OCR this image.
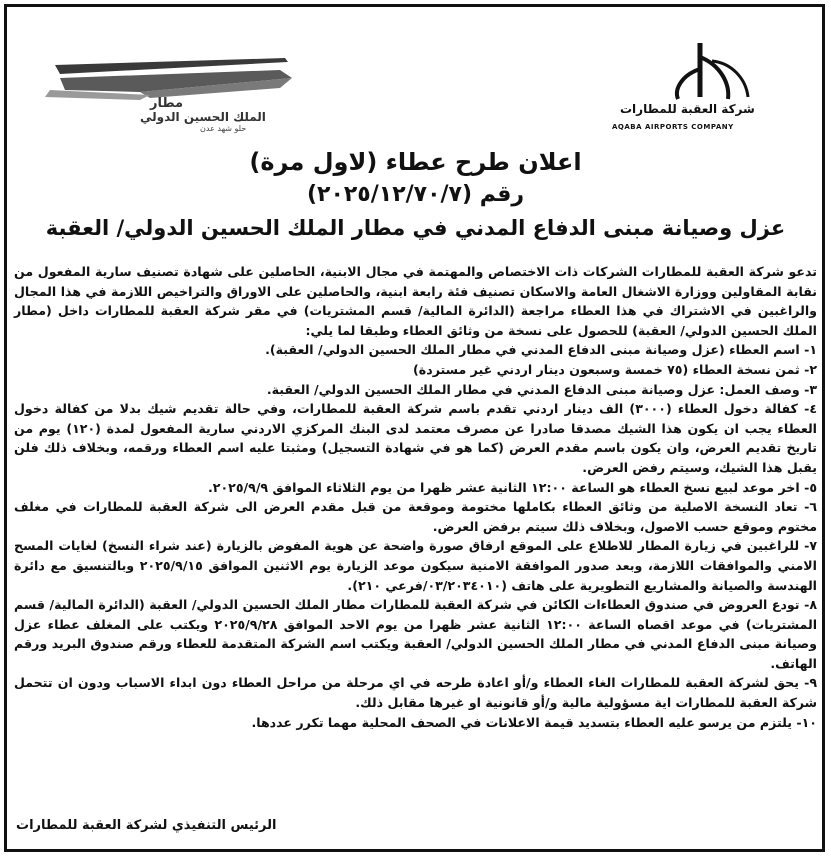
مطار
الملك الحسين الدولي
حلو شهد عدن
شركة العقبة للمطارات
AQABA AIRPORTS COMPANY
اعلان طرح عطاء (لاول مرة)
رقم (٢٠٢٥/١٢/٧٠/٧)
عزل وصيانة مبنى الدفاع المدني في مطار الملك الحسين الدولي/ العقبة

تدعو شركة العقبة للمطارات الشركات ذات الاختصاص والمهتمة في مجال الابنية، الحاصلين على شهادة تصنيف سارية المفعول من نقابة المقاولين ووزارة الاشغال العامة والاسكان تصنيف فئة رابعة ابنية، والحاصلين على الاوراق والتراخيص اللازمة في هذا المجال والراغبين في الاشتراك في هذا العطاء مراجعة (الدائرة المالية/ قسم المشتريات) في مقر شركة العقبة للمطارات داخل (مطار الملك الحسين الدولي/ العقبة) للحصول على نسخة من وثائق العطاء وطبقا لما يلي:

١- اسم العطاء (عزل وصيانة مبنى الدفاع المدني في مطار الملك الحسين الدولي/ العقبة).

٢- ثمن نسخة العطاء (٧٥ خمسة وسبعون دينار اردني غير مستردة)

٣- وصف العمل: عزل وصيانة مبنى الدفاع المدني في مطار الملك الحسين الدولي/ العقبة.

٤- كفالة دخول العطاء (٣٠٠٠) الف دينار اردني تقدم باسم شركة العقبة للمطارات، وفي حالة تقديم شيك بدلا من كفالة دخول العطاء يجب ان يكون هذا الشيك مصدقا صادرا عن مصرف معتمد لدى البنك المركزي الاردني سارية المفعول لمدة (١٢٠) يوم من تاريخ تقديم العرض، وان يكون باسم مقدم العرض (كما هو في شهادة التسجيل) ومثبتا عليه اسم العطاء ورقمه، وبخلاف ذلك فلن يقبل هذا الشيك، وسيتم رفض العرض.

٥- اخر موعد لبيع نسخ العطاء هو الساعة ١٢:٠٠ الثانية عشر ظهرا من يوم الثلاثاء الموافق ٢٠٢٥/٩/٩.

٦- تعاد النسخة الاصلية من وثائق العطاء بكاملها مختومة وموقعة من قبل مقدم العرض الى شركة العقبة للمطارات في مغلف مختوم وموقع حسب الاصول، وبخلاف ذلك سيتم برفض العرض.

٧- للراغبين في زيارة المطار للاطلاع على الموقع ارفاق صورة واضحة عن هوية المفوض بالزيارة (عند شراء النسخ) لغايات المسح الامني والموافقات اللازمة، وبعد صدور الموافقة الامنية سيكون موعد الزيارة يوم الاثنين الموافق ٢٠٢٥/٩/١٥ وبالتنسيق مع دائرة الهندسة والصيانة والمشاريع التطويرية على هاتف (٠٣/٢٠٣٤٠١٠/فرعي ٢١٠).

٨- تودع العروض في صندوق العطاءات الكائن في شركة العقبة للمطارات مطار الملك الحسين الدولي/ العقبة (الدائرة المالية/ قسم المشتريات) في موعد اقصاه الساعة ١٢:٠٠ الثانية عشر ظهرا من يوم الاحد الموافق ٢٠٢٥/٩/٢٨ ويكتب على المغلف عطاء عزل وصيانة مبنى الدفاع المدني في مطار الملك الحسين الدولي/ العقبة ويكتب اسم الشركة المتقدمة للعطاء ورقم صندوق البريد ورقم الهاتف.

٩- يحق لشركة العقبة للمطارات الغاء العطاء و/أو اعادة طرحه في اي مرحلة من مراحل العطاء دون ابداء الاسباب ودون ان تتحمل شركة العقبة للمطارات اية مسؤولية مالية و/أو قانونية او غيرها مقابل ذلك.

١٠- يلتزم من يرسو عليه العطاء بتسديد قيمة الاعلانات في الصحف المحلية مهما تكرر عددها.

الرئيس التنفيذي لشركة العقبة للمطارات
